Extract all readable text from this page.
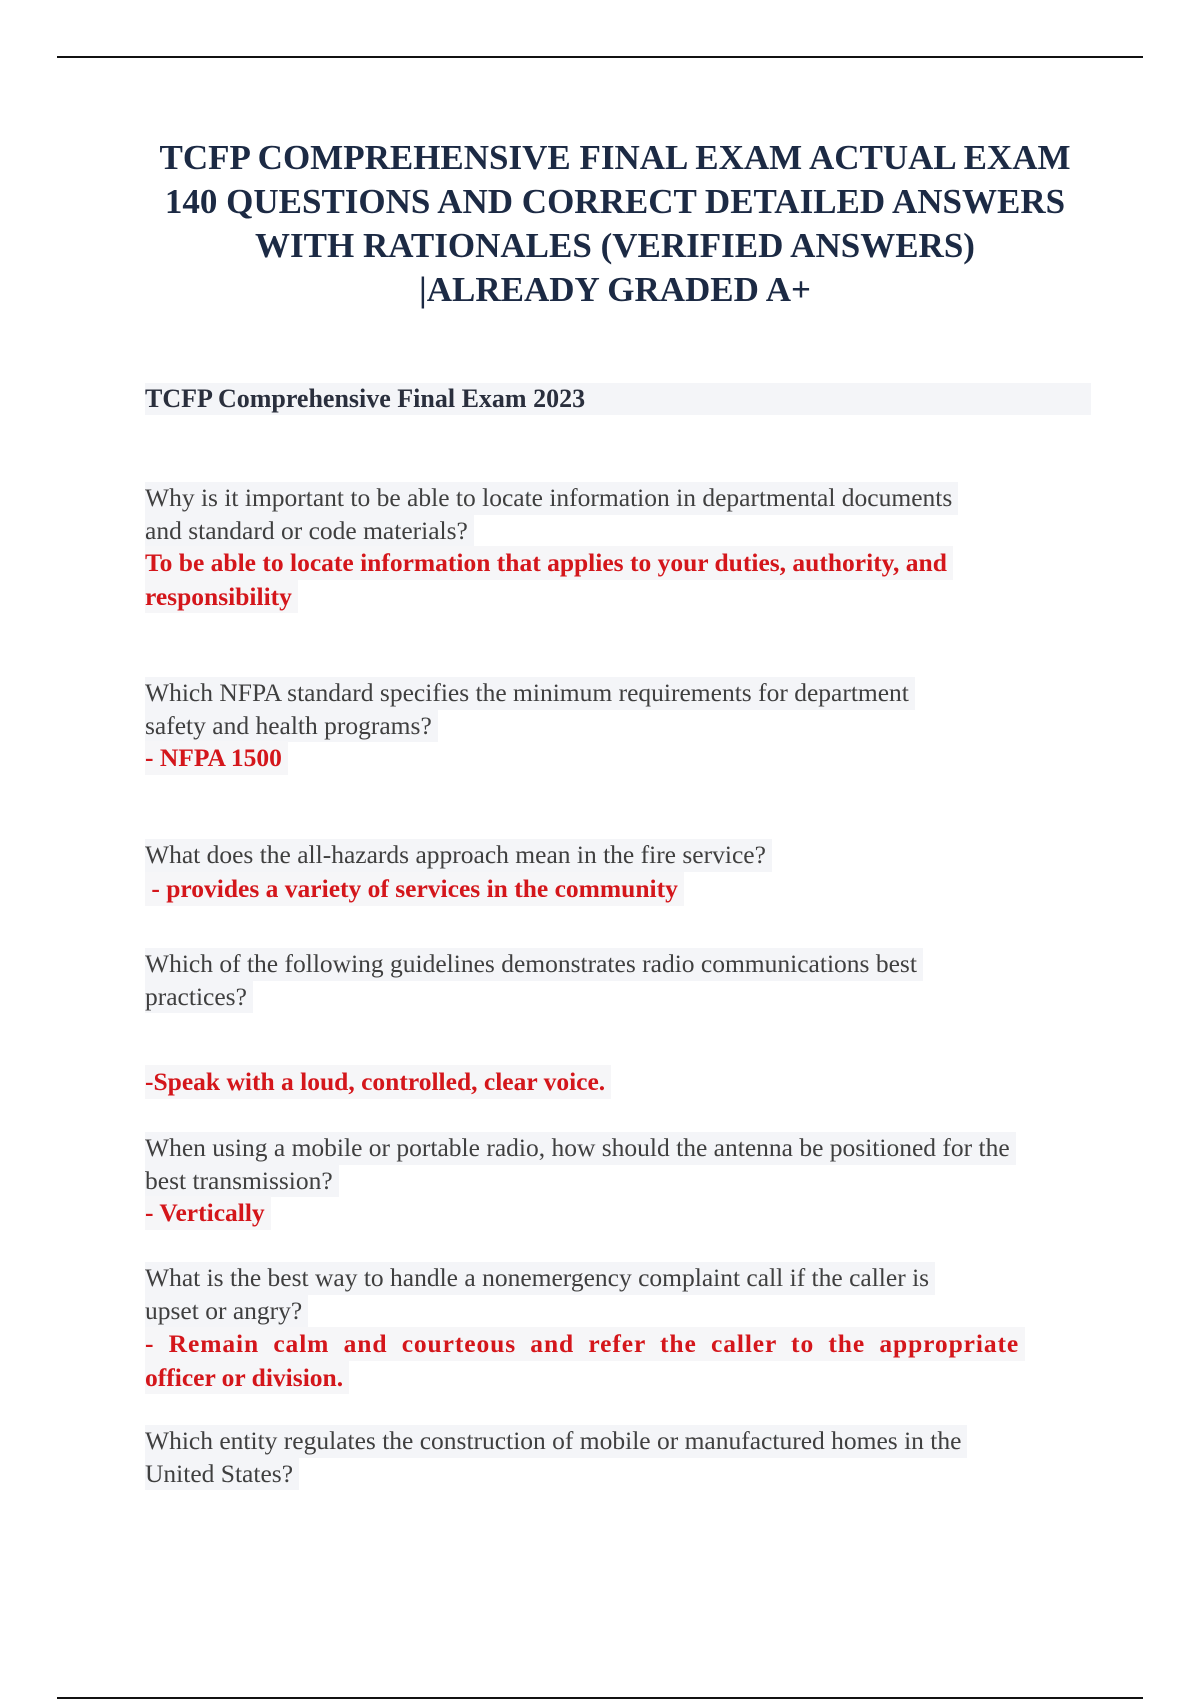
TCFP COMPREHENSIVE FINAL EXAM ACTUAL EXAM
140 QUESTIONS AND CORRECT DETAILED ANSWERS
WITH RATIONALES (VERIFIED ANSWERS)
|ALREADY GRADED A+
TCFP Comprehensive Final Exam 2023

Why is it important to be able to locate information in departmental documents
and standard or code materials?

To be able to locate information that applies to your duties, authority, and
responsibility

Which NFPA standard specifies the minimum requirements for department
safety and health programs?

- NFPA 1500

What does the all-hazards approach mean in the fire service?

- provides a variety of services in the community

Which of the following guidelines demonstrates radio communications best
practices?

-Speak with a loud, controlled, clear voice.

When using a mobile or portable radio, how should the antenna be positioned for the
best transmission?

- Vertically

What is the best way to handle a nonemergency complaint call if the caller is
upset or angry?

- Remain calm and courteous and refer the caller to the appropriate
officer or division.

Which entity regulates the construction of mobile or manufactured homes in the
United States?
